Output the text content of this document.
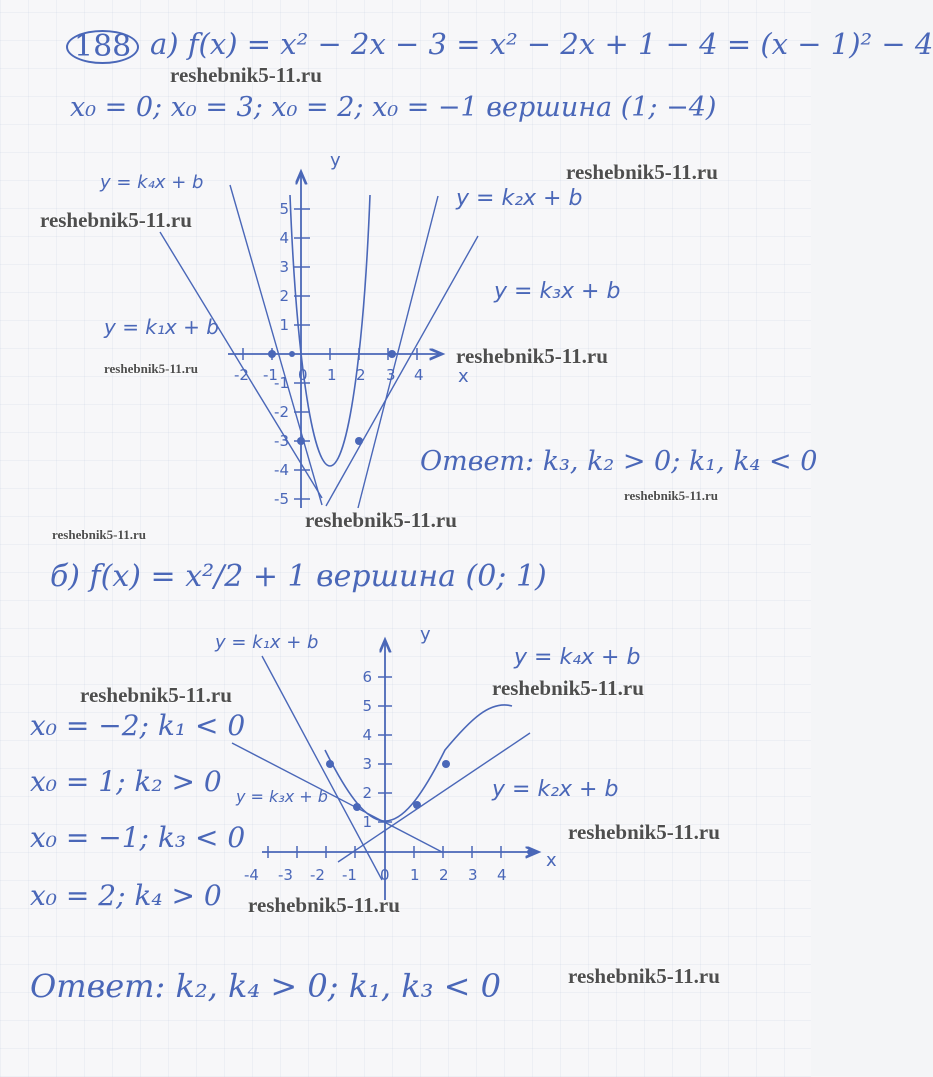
188 а) f(x) = x² − 2x − 3 = x² − 2x + 1 − 4 = (x − 1)² − 4
x₀ = 0; x₀ = 3; x₀ = 2; x₀ = −1 вершина (1; −4)
y
x
-2 -1 0 1 2 3 4
5
4
3
2
1
-1
-2
-3
-4
-5
y = k₄x + b
y = k₂x + b
y = k₃x + b
y = k₁x + b
Ответ: k₃, k₂ > 0; k₁, k₄ < 0
б) f(x) = x²/2 + 1 вершина (0; 1)
y
x
-4 -3 -2 -1 0 1 2 3 4
6
5
4
3
2
1
y = k₁x + b
y = k₄x + b
y = k₃x + b	y = k₂x + b
x₀ = −2; k₁ < 0
x₀ = 1; k₂ > 0
x₀ = −1; k₃ < 0
x₀ = 2; k₄ > 0
Ответ: k₂, k₄ > 0; k₁, k₃ < 0
reshebnik5-11.ru
reshebnik5-11.ru
reshebnik5-11.ru
reshebnik5-11.ru
reshebnik5-11.ru
reshebnik5-11.ru
reshebnik5-11.ru
reshebnik5-11.ru
reshebnik5-11.ru	reshebnik5-11.ru
reshebnik5-11.ru
reshebnik5-11.ru
reshebnik5-11.ru
